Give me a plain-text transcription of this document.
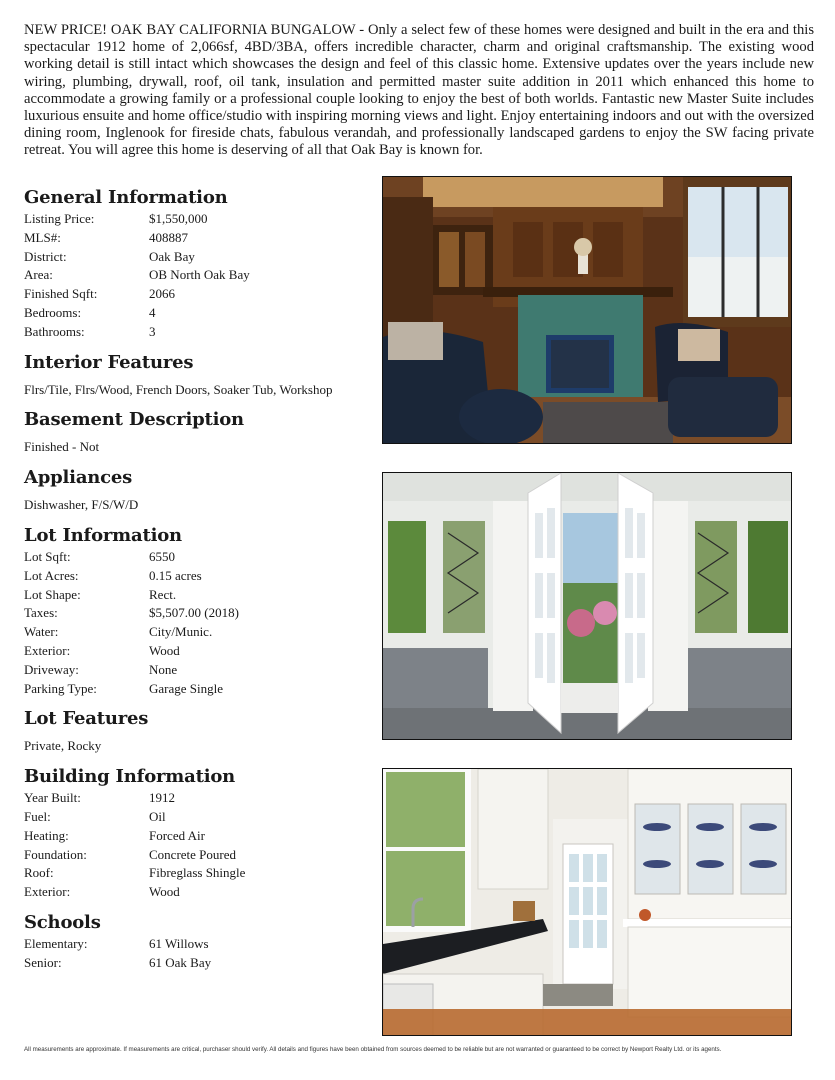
NEW PRICE! OAK BAY CALIFORNIA BUNGALOW - Only a select few of these homes were designed and built in the era and this spectacular 1912 home of 2,066sf, 4BD/3BA, offers incredible character, charm and original craftsmanship. The existing wood working detail is still intact which showcases the design and feel of this classic home. Extensive updates over the years include new wiring, plumbing, drywall, roof, oil tank, insulation and permitted master suite addition in 2011 which enhanced this home to accommodate a growing family or a professional couple looking to enjoy the best of both worlds. Fantastic new Master Suite includes luxurious ensuite and home office/studio with inspiring morning views and light. Enjoy entertaining indoors and out with the oversized dining room, Inglenook for fireside chats, fabulous verandah, and professionally landscaped gardens to enjoy the SW facing private retreat. You will agree this home is deserving of all that Oak Bay is known for.

General Information
Listing Price:	$1,550,000
MLS#:	408887
District:	Oak Bay
Area:	OB North Oak Bay
Finished Sqft:	2066
Bedrooms:	4
Bathrooms:	3
Interior Features
Flrs/Tile, Flrs/Wood, French Doors, Soaker Tub, Workshop
Basement Description
Finished - Not
Appliances
Dishwasher, F/S/W/D
Lot Information
Lot Sqft:	6550
Lot Acres:	0.15 acres
Lot Shape:	Rect.
Taxes:	$5,507.00 (2018)
Water:	City/Munic.
Exterior:	Wood
Driveway:	None
Parking Type:	Garage Single
Lot Features
Private, Rocky
Building Information
Year Built:	1912
Fuel:	Oil
Heating:	Forced Air
Foundation:	Concrete Poured
Roof:	Fibreglass Shingle
Exterior:	Wood
Schools
Elementary:	61 Willows
Senior:	61 Oak Bay
All measurements are approximate. If measurements are critical, purchaser should verify. All details and figures have been obtained from sources deemed to be reliable but are not warranted or guaranteed to be correct by Newport Realty Ltd. or its agents.
